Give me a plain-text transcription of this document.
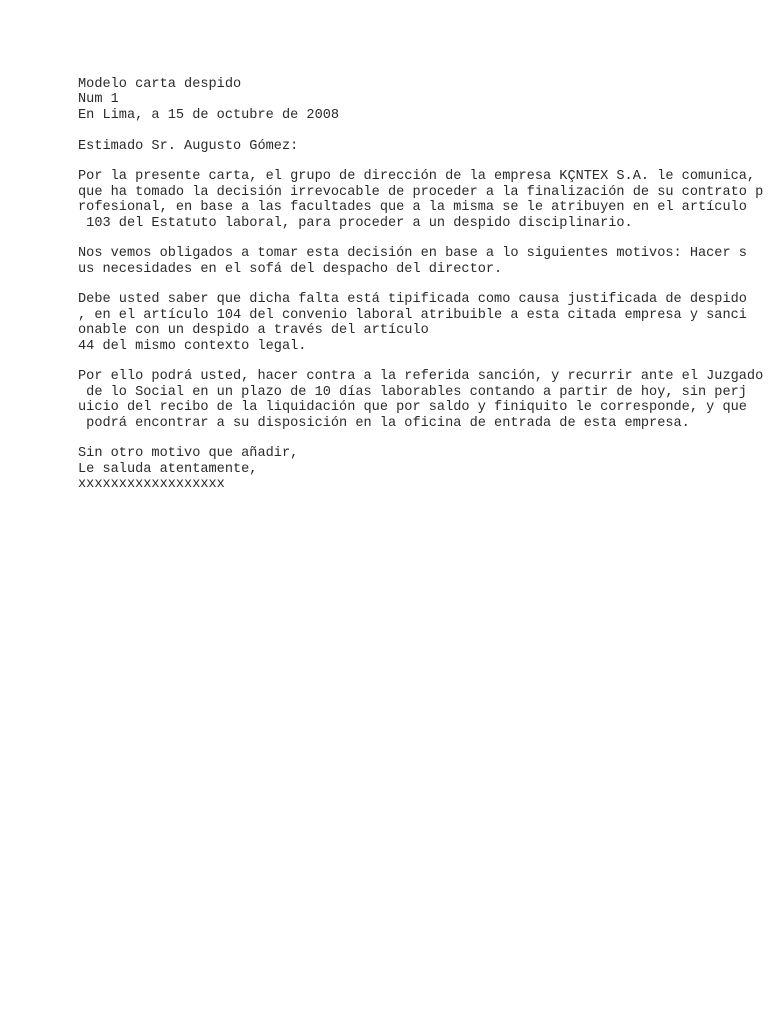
Modelo carta despido
Num 1
En Lima, a 15 de octubre de 2008
Estimado Sr. Augusto Gómez:
Por la presente carta, el grupo de dirección de la empresa KÇNTEX S.A. le comunica,
que ha tomado la decisión irrevocable de proceder a la finalización de su contrato p
rofesional, en base a las facultades que a la misma se le atribuyen en el artículo
103 del Estatuto laboral, para proceder a un despido disciplinario.
Nos vemos obligados a tomar esta decisión en base a lo siguientes motivos: Hacer s
us necesidades en el sofá del despacho del director.
Debe usted saber que dicha falta está tipificada como causa justificada de despido
, en el artículo 104 del convenio laboral atribuible a esta citada empresa y sanci
onable con un despido a través del artículo
44 del mismo contexto legal.
Por ello podrá usted, hacer contra a la referida sanción, y recurrir ante el Juzgado
de lo Social en un plazo de 10 días laborables contando a partir de hoy, sin perj
uicio del recibo de la liquidación que por saldo y finiquito le corresponde, y que
podrá encontrar a su disposición en la oficina de entrada de esta empresa.
Sin otro motivo que añadir,
Le saluda atentamente,
xxxxxxxxxxxxxxxxxx
